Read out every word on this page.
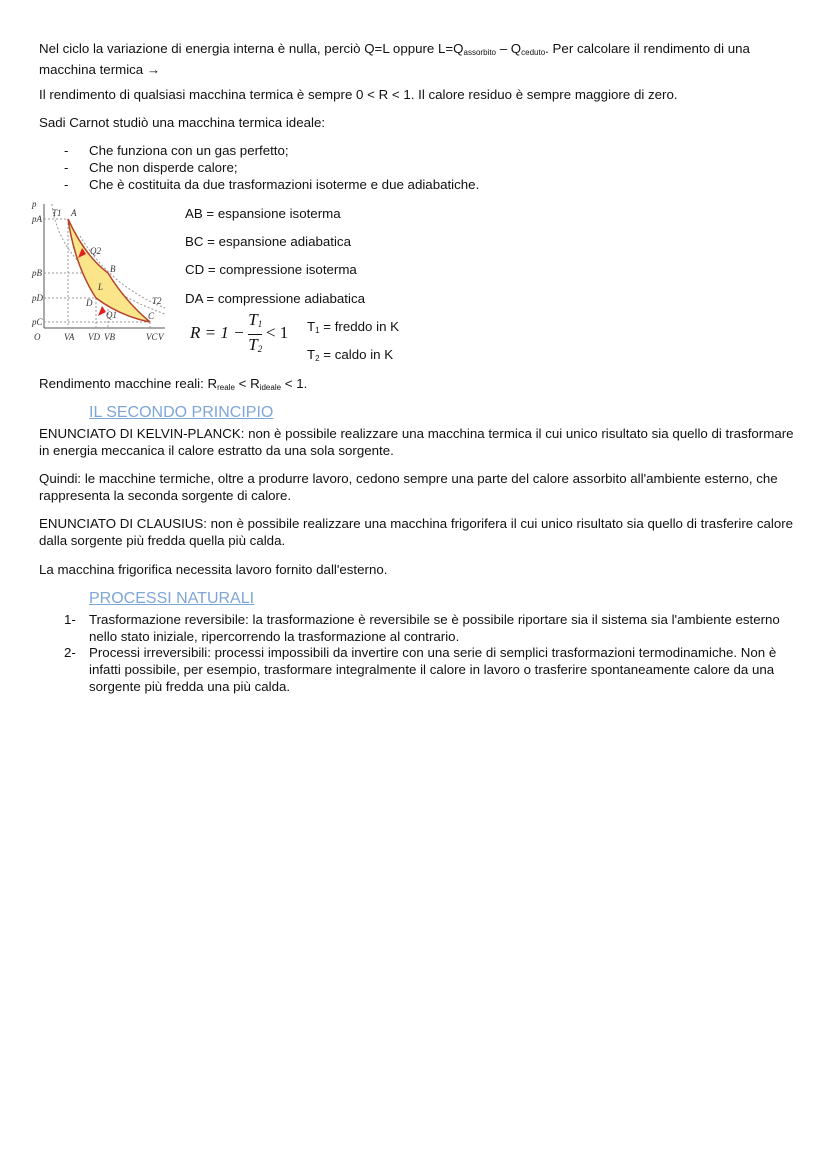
Nel ciclo la variazione di energia interna è nulla, perciò Q=L oppure $L=Q_{assorbito} - Q_{ceduto}$. Per calcolare il rendimento di una macchina termica →
Il rendimento di qualsiasi macchina termica è sempre 0 < R < 1. Il calore residuo è sempre maggiore di zero.
Sadi Carnot studiò una macchina termica ideale:
- Che funziona con un gas perfetto;
- Che non disperde calore;
- Che è costituita da due trasformazioni isoterme e due adiabatiche.
p
pA
pB
pD
pC
O	VA VD VB	VC V
T1
T2
A
B
C
D
Q2
Q1
L
AB = espansione isoterma
BC = espansione adiabatica
CD = compressione isoterma
DA = compressione adiabatica
$R = 1 - \frac{T_1}{T_2} < 1$ $T_1$ = freddo in K
$T_2$ = caldo in K
Rendimento macchine reali: $R_{reale} < R_{ideale} < 1$.
IL SECONDO PRINCIPIO
ENUNCIATO DI KELVIN-PLANCK: non è possibile realizzare una macchina termica il cui unico risultato sia quello di trasformare in energia meccanica il calore estratto da una sola sorgente.
Quindi: le macchine termiche, oltre a produrre lavoro, cedono sempre una parte del calore assorbito all'ambiente esterno, che rappresenta la seconda sorgente di calore.
ENUNCIATO DI CLAUSIUS: non è possibile realizzare una macchina frigorifera il cui unico risultato sia quello di trasferire calore dalla sorgente più fredda quella più calda.
La macchina frigorifica necessita lavoro fornito dall'esterno.
PROCESSI NATURALI
1- Trasformazione reversibile: la trasformazione è reversibile se è possibile riportare sia il sistema sia l'ambiente esterno nello stato iniziale, ripercorrendo la trasformazione al contrario.
2- Processi irreversibili: processi impossibili da invertire con una serie di semplici trasformazioni termodinamiche. Non è infatti possibile, per esempio, trasformare integralmente il calore in lavoro o trasferire spontaneamente calore da una sorgente più fredda una più calda.
